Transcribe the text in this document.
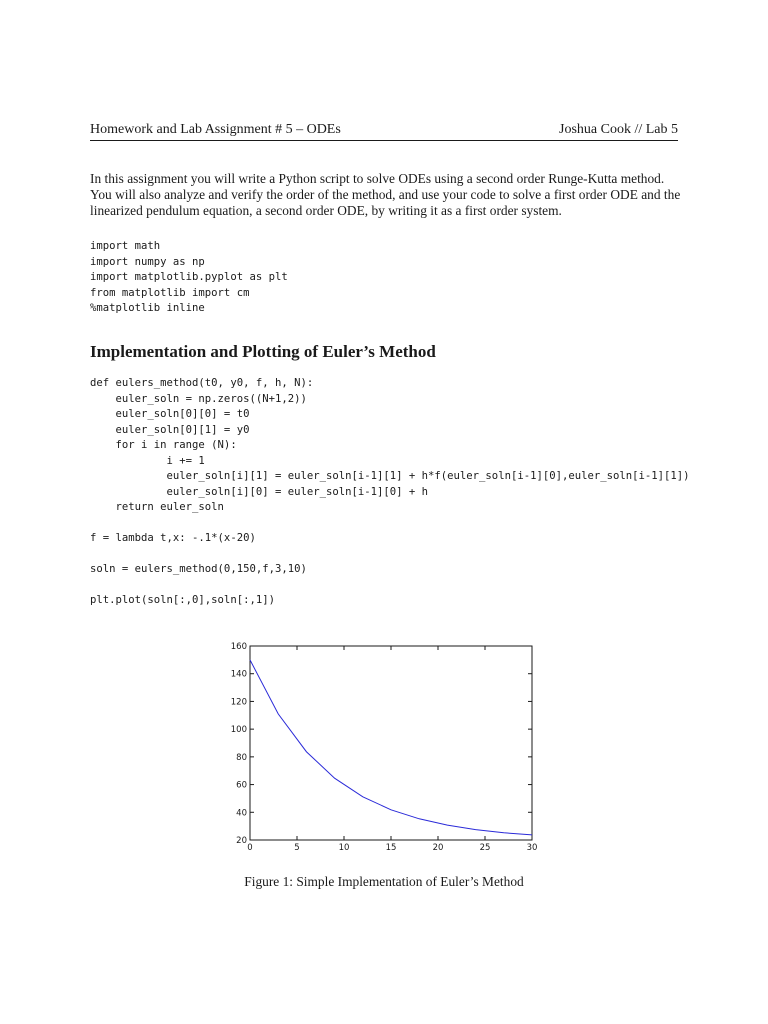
Homework and Lab Assignment # 5 – ODEs	Joshua Cook // Lab 5

In this assignment you will write a Python script to solve ODEs using a second order Runge-Kutta method. You will also analyze and verify the order of the method, and use your code to solve a first order ODE and the linearized pendulum equation, a second order ODE, by writing it as a first order system.

import math
import numpy as np
import matplotlib.pyplot as plt
from matplotlib import cm
%matplotlib inline
Implementation and Plotting of Euler’s Method
def eulers_method(t0, y0, f, h, N):
euler_soln = np.zeros((N+1,2))
euler_soln[0][0] = t0
euler_soln[0][1] = y0
for i in range (N):
i += 1
euler_soln[i][1] = euler_soln[i-1][1] + h*f(euler_soln[i-1][0],euler_soln[i-1][1])
euler_soln[i][0] = euler_soln[i-1][0] + h
return euler_soln
f = lambda t,x: -.1*(x-20)
soln = eulers_method(0,150,f,3,10)
plt.plot(soln[:,0],soln[:,1])
0	5	10	15	20	25	30
20
40
60
80
100
120
140
160
Figure 1: Simple Implementation of Euler’s Method
